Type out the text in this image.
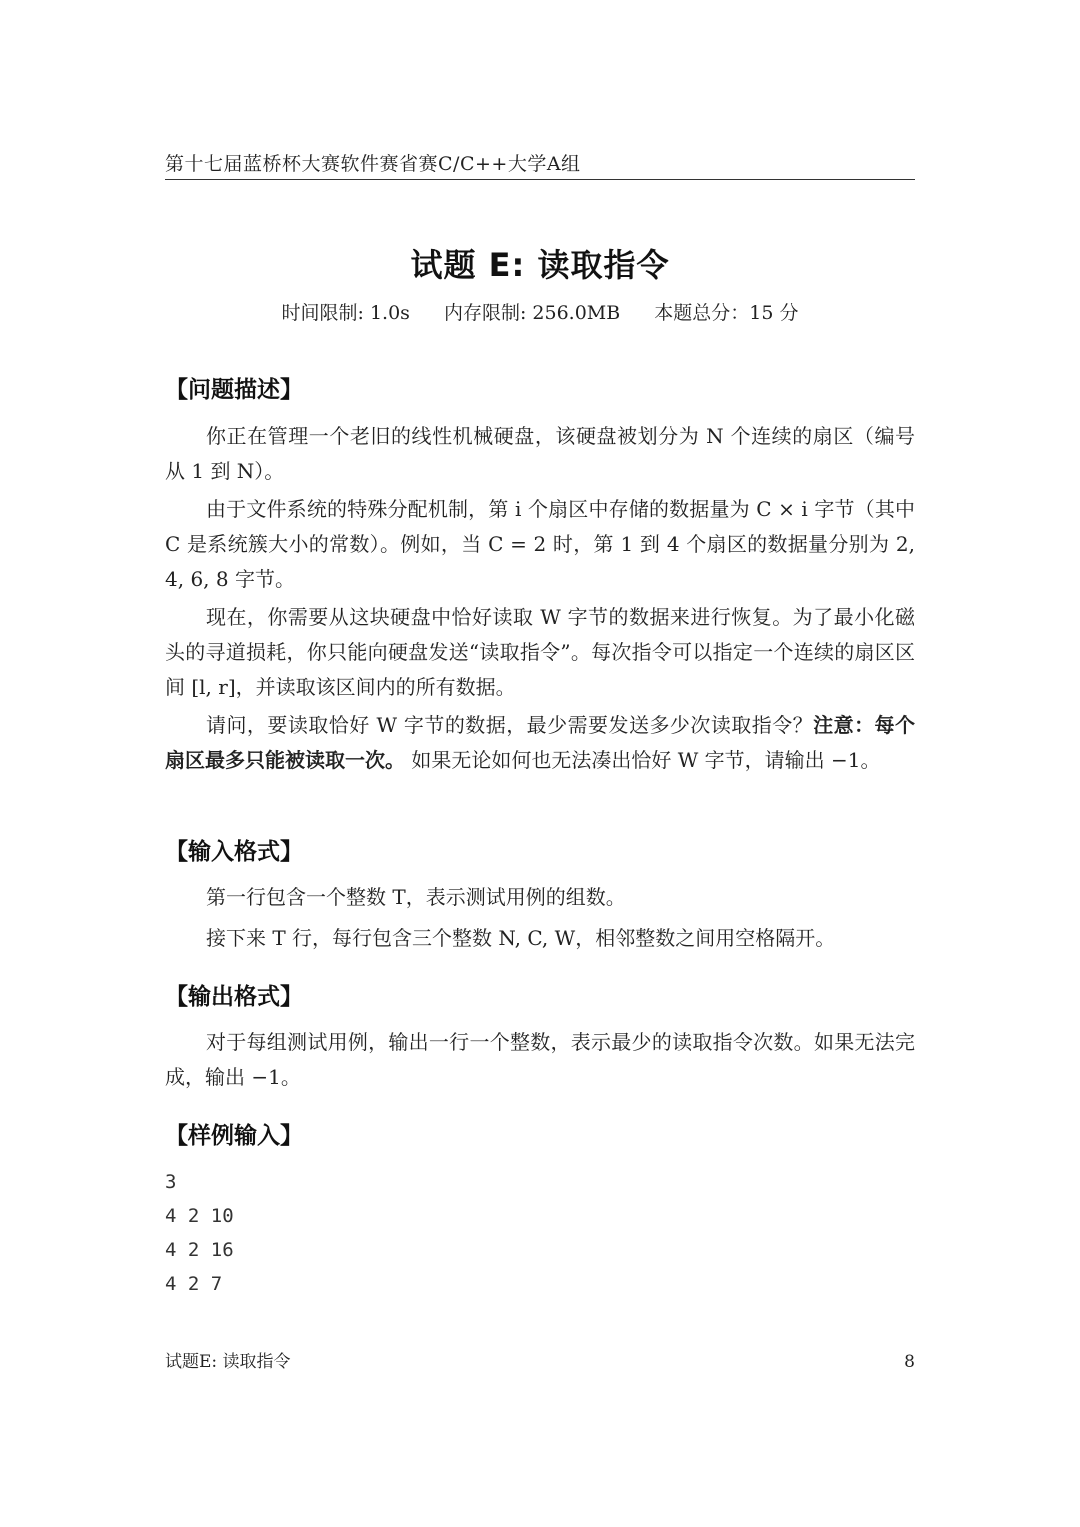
第十七届蓝桥杯大赛软件赛省赛C/C++大学A组
试题 E: 读取指令
时间限制: 1.0s 内存限制: 256.0MB 本题总分：15 分
【问题描述】
你正在管理一个老旧的线性机械硬盘，该硬盘被划分为 N 个连续的扇区（编号从 1 到 N）。
由于文件系统的特殊分配机制，第 i 个扇区中存储的数据量为 C × i 字节（其中 C 是系统簇大小的常数）。例如，当 C = 2 时，第 1 到 4 个扇区的数据量分别为 2, 4, 6, 8 字节。
现在，你需要从这块硬盘中恰好读取 W 字节的数据来进行恢复。为了最小化磁头的寻道损耗，你只能向硬盘发送“读取指令”。每次指令可以指定一个连续的扇区区间 [l, r]，并读取该区间内的所有数据。
请问，要读取恰好 W 字节的数据，最少需要发送多少次读取指令？注意：每个扇区最多只能被读取一次。 如果无论如何也无法凑出恰好 W 字节，请输出 −1。
【输入格式】
第一行包含一个整数 T，表示测试用例的组数。
接下来 T 行，每行包含三个整数 N, C, W，相邻整数之间用空格隔开。
【输出格式】
对于每组测试用例，输出一行一个整数，表示最少的读取指令次数。如果无法完成，输出 −1。
【样例输入】
3
4 2 10
4 2 16
4 2 7
试题E: 读取指令	8
